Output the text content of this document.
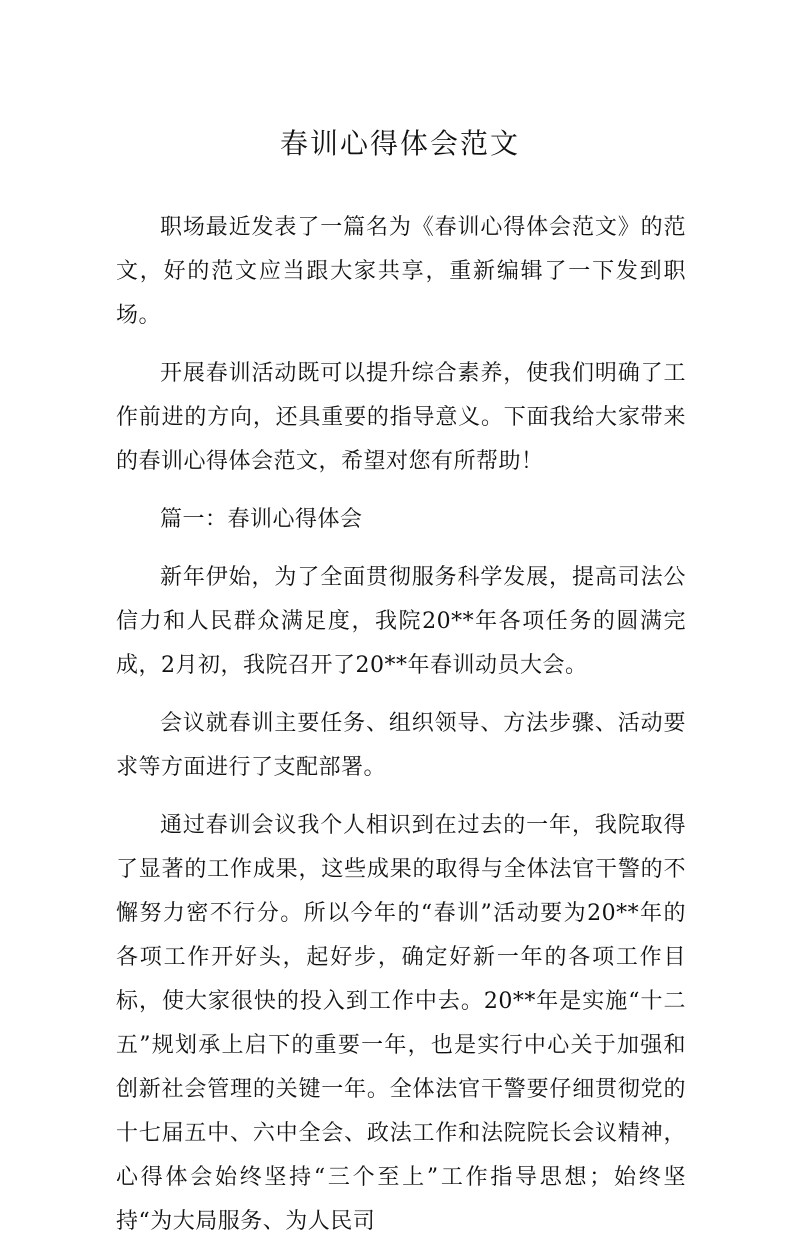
春训心得体会范文

职场最近发表了一篇名为《春训心得体会范文》的范文，好的范文应当跟大家共享，重新编辑了一下发到职场。

开展春训活动既可以提升综合素养，使我们明确了工作前进的方向，还具重要的指导意义。下面我给大家带来的春训心得体会范文，希望对您有所帮助！

篇一：春训心得体会

新年伊始，为了全面贯彻服务科学发展，提高司法公信力和人民群众满足度，我院20**年各项任务的圆满完成，2月初，我院召开了20**年春训动员大会。

会议就春训主要任务、组织领导、方法步骤、活动要求等方面进行了支配部署。

通过春训会议我个人相识到在过去的一年，我院取得了显著的工作成果，这些成果的取得与全体法官干警的不懈努力密不行分。所以今年的“春训”活动要为20**年的各项工作开好头，起好步，确定好新一年的各项工作目标，使大家很快的投入到工作中去。20**年是实施“十二五”规划承上启下的重要一年，也是实行中心关于加强和创新社会管理的关键一年。全体法官干警要仔细贯彻党的十七届五中、六中全会、政法工作和法院院长会议精神，心得体会始终坚持“三个至上”工作指导思想；始终坚持“为大局服务、为人民司
